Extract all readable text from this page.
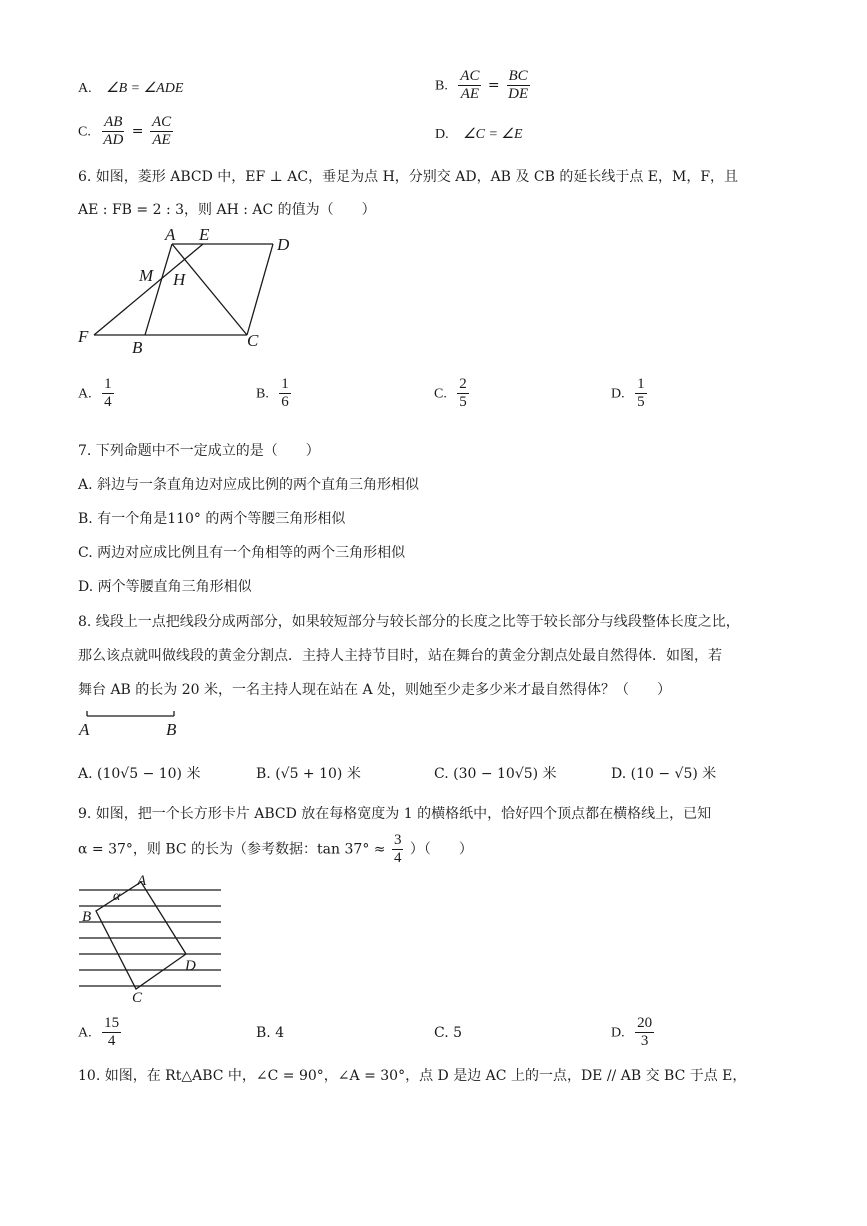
A. ∠B = ∠ADE	B. $\frac{AC}{AE} = \frac{BC}{DE}$
C. $\frac{AB}{AD} = \frac{AC}{AE}$	D. ∠C = ∠E
6. 如图，菱形 ABCD 中，EF ⊥ AC，垂足为点 H，分别交 AD，AB 及 CB 的延长线于点 E，M，F，且
AE : FB = 2 : 3，则 AH : AC 的值为（　　）
A E
D
M H
F
B	C
A. $\frac{1}{4}$	B. $\frac{1}{6}$	C. $\frac{2}{5}$	D. $\frac{1}{5}$
7. 下列命题中不一定成立的是（　　）
A. 斜边与一条直角边对应成比例的两个直角三角形相似
B. 有一个角是110° 的两个等腰三角形相似
C. 两边对应成比例且有一个角相等的两个三角形相似
D. 两个等腰直角三角形相似
8. 线段上一点把线段分成两部分，如果较短部分与较长部分的长度之比等于较长部分与线段整体长度之比，
那么该点就叫做线段的黄金分割点．主持人主持节目时，站在舞台的黄金分割点处最自然得体．如图，若
舞台 AB 的长为 20 米，一名主持人现在站在 A 处，则她至少走多少米才最自然得体？（　　）
A	B
A. (10√5 − 10) 米	B. (√5 + 10) 米	C. (30 − 10√5) 米	D. (10 − √5) 米
9. 如图，把一个长方形卡片 ABCD 放在每格宽度为 1 的横格纸中，恰好四个顶点都在横格线上，已知
α = 37°，则 BC 的长为（参考数据：$\tan 37^\circ \approx \frac{3}{4}$ ）（　　）
A
α
B
D
C
A. $\frac{15}{4}$	B. 4	C. 5	D. $\frac{20}{3}$
10. 如图，在 Rt△ABC 中，∠C = 90°，∠A = 30°，点 D 是边 AC 上的一点，DE // AB 交 BC 于点 E，
